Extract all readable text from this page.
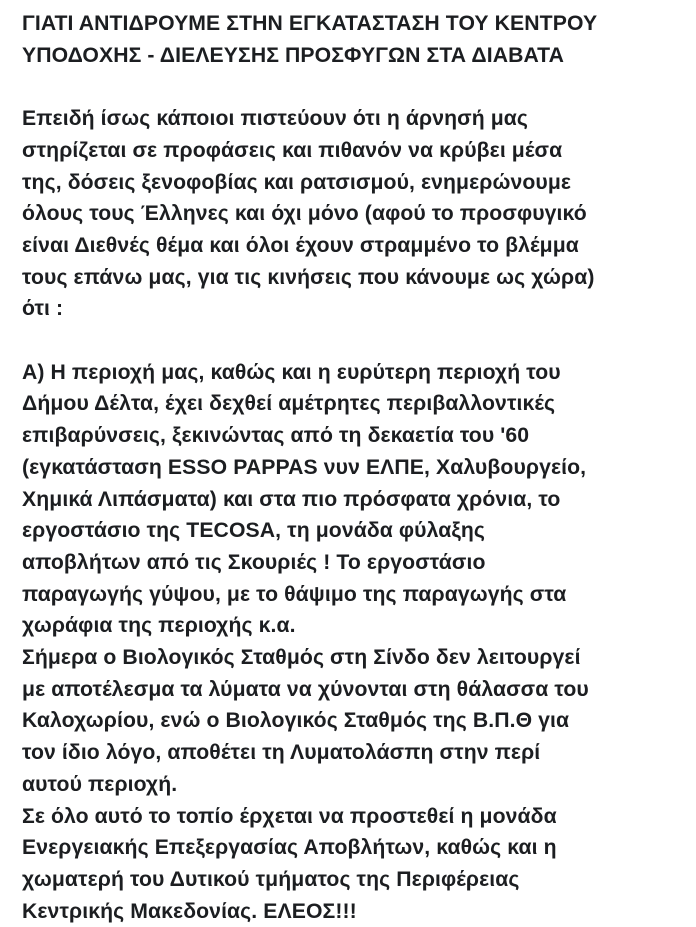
ΓΙΑΤΙ ΑΝΤΙΔΡΟΥΜΕ ΣΤΗΝ ΕΓΚΑΤΑΣΤΑΣΗ ΤΟΥ ΚΕΝΤΡΟΥ
ΥΠΟΔΟΧΗΣ - ΔΙΕΛΕΥΣΗΣ ΠΡΟΣΦΥΓΩΝ ΣΤΑ ΔΙΑΒΑΤΑ
Επειδή ίσως κάποιοι πιστεύουν ότι η άρνησή μας
στηρίζεται σε προφάσεις και πιθανόν να κρύβει μέσα
της, δόσεις ξενοφοβίας και ρατσισμού, ενημερώνουμε
όλους τους Έλληνες και όχι μόνο (αφού το προσφυγικό
είναι Διεθνές θέμα και όλοι έχουν στραμμένο το βλέμμα
τους επάνω μας, για τις κινήσεις που κάνουμε ως χώρα)
ότι :
Α) Η περιοχή μας, καθώς και η ευρύτερη περιοχή του
Δήμου Δέλτα, έχει δεχθεί αμέτρητες περιβαλλοντικές
επιβαρύνσεις, ξεκινώντας από τη δεκαετία του '60
(εγκατάσταση ESSO PAPPAS νυν ΕΛΠΕ, Χαλυβουργείο,
Χημικά Λιπάσματα) και στα πιο πρόσφατα χρόνια, το
εργοστάσιο της TECOSA, τη μονάδα φύλαξης
αποβλήτων από τις Σκουριές ! Το εργοστάσιο
παραγωγής γύψου, με το θάψιμο της παραγωγής στα
χωράφια της περιοχής κ.α.
Σήμερα ο Βιολογικός Σταθμός στη Σίνδο δεν λειτουργεί
με αποτέλεσμα τα λύματα να χύνονται στη θάλασσα του
Καλοχωρίου, ενώ ο Βιολογικός Σταθμός της Β.Π.Θ για
τον ίδιο λόγο, αποθέτει τη Λυματολάσπη στην περί
αυτού περιοχή.
Σε όλο αυτό το τοπίο έρχεται να προστεθεί η μονάδα
Ενεργειακής Επεξεργασίας Αποβλήτων, καθώς και η
χωματερή του Δυτικού τμήματος της Περιφέρειας
Κεντρικής Μακεδονίας. ΕΛΕΟΣ!!!
